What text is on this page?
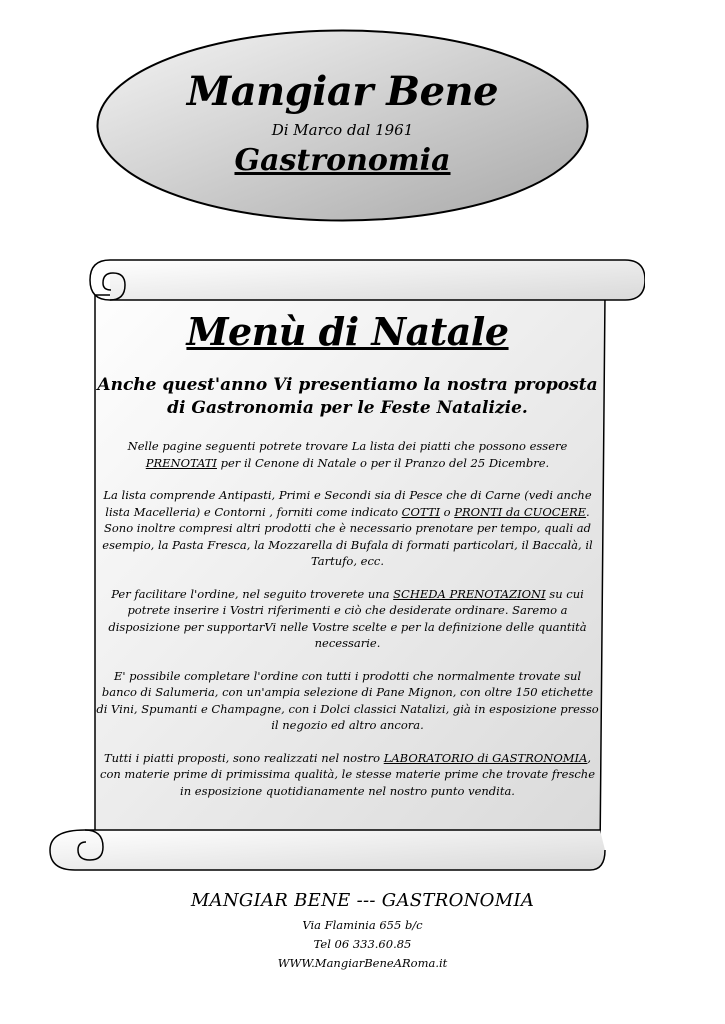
Mangiar Bene
Di Marco dal 1961
Gastronomia
Menù di Natale
Anche quest'anno Vi presentiamo la nostra proposta di Gastronomia per le Feste Natalizie.
Nelle pagine seguenti potrete trovare La lista dei piatti che possono essere PRENOTATI per il Cenone di Natale o per il Pranzo del 25 Dicembre.
La lista comprende Antipasti, Primi e Secondi sia di Pesce che di Carne (vedi anche lista Macelleria) e Contorni , forniti come indicato COTTI o PRONTI da CUOCERE. Sono inoltre compresi altri prodotti che è necessario prenotare per tempo, quali ad esempio, la Pasta Fresca, la Mozzarella di Bufala di formati particolari, il Baccalà, il Tartufo, ecc.
Per facilitare l'ordine, nel seguito troverete una SCHEDA PRENOTAZIONI su cui potrete inserire i Vostri riferimenti e ciò che desiderate ordinare. Saremo a disposizione per supportarVi nelle Vostre scelte e per la definizione delle quantità necessarie.
E' possibile completare l'ordine con tutti i prodotti che normalmente trovate sul banco di Salumeria, con un'ampia selezione di Pane Mignon, con oltre 150 etichette di Vini, Spumanti e Champagne, con i Dolci classici Natalizi, già in esposizione presso il negozio ed altro ancora.
Tutti i piatti proposti, sono realizzati nel nostro LABORATORIO di GASTRONOMIA, con materie prime di primissima qualità, le stesse materie prime che trovate fresche in esposizione quotidianamente nel nostro punto vendita.
MANGIAR BENE --- GASTRONOMIA
Via Flaminia 655 b/c
Tel 06 333.60.85
WWW.MangiarBeneARoma.it
